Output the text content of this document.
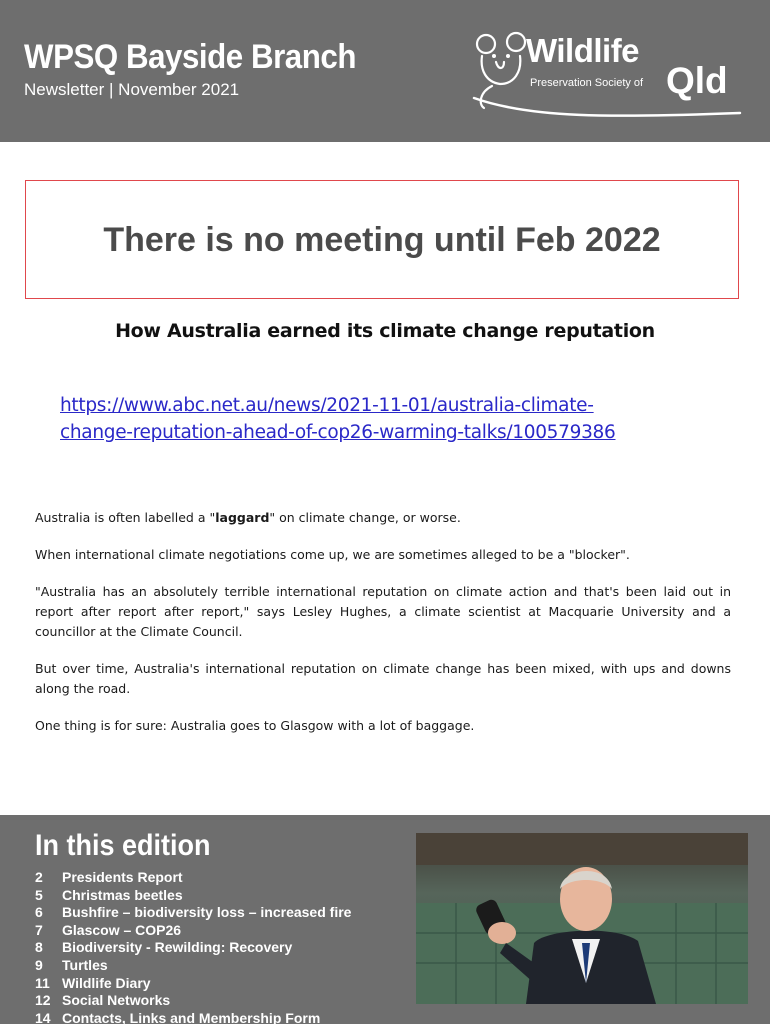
WPSQ Bayside Branch
Newsletter | November 2021
Wildlife
Preservation Society of Qld
There is no meeting until Feb 2022
How Australia earned its climate change reputation
https://www.abc.net.au/news/2021-11-01/australia-climate-
change-reputation-ahead-of-cop26-warming-talks/100579386

Australia is often labelled a "laggard" on climate change, or worse.

When international climate negotiations come up, we are sometimes alleged to be a "blocker".

"Australia has an absolutely terrible international reputation on climate action and that's been laid out in report after report after report," says Lesley Hughes, a climate scientist at Macquarie University and a councillor at the Climate Council.

But over time, Australia's international reputation on climate change has been mixed, with ups and downs along the road.

One thing is for sure: Australia goes to Glasgow with a lot of baggage.

In this edition
2 Presidents Report
5 Christmas beetles
6 Bushfire – biodiversity loss – increased fire
7 Glascow – COP26
8 Biodiversity - Rewilding: Recovery
9 Turtles
11 Wildlife Diary
12 Social Networks
14 Contacts, Links and Membership Form
